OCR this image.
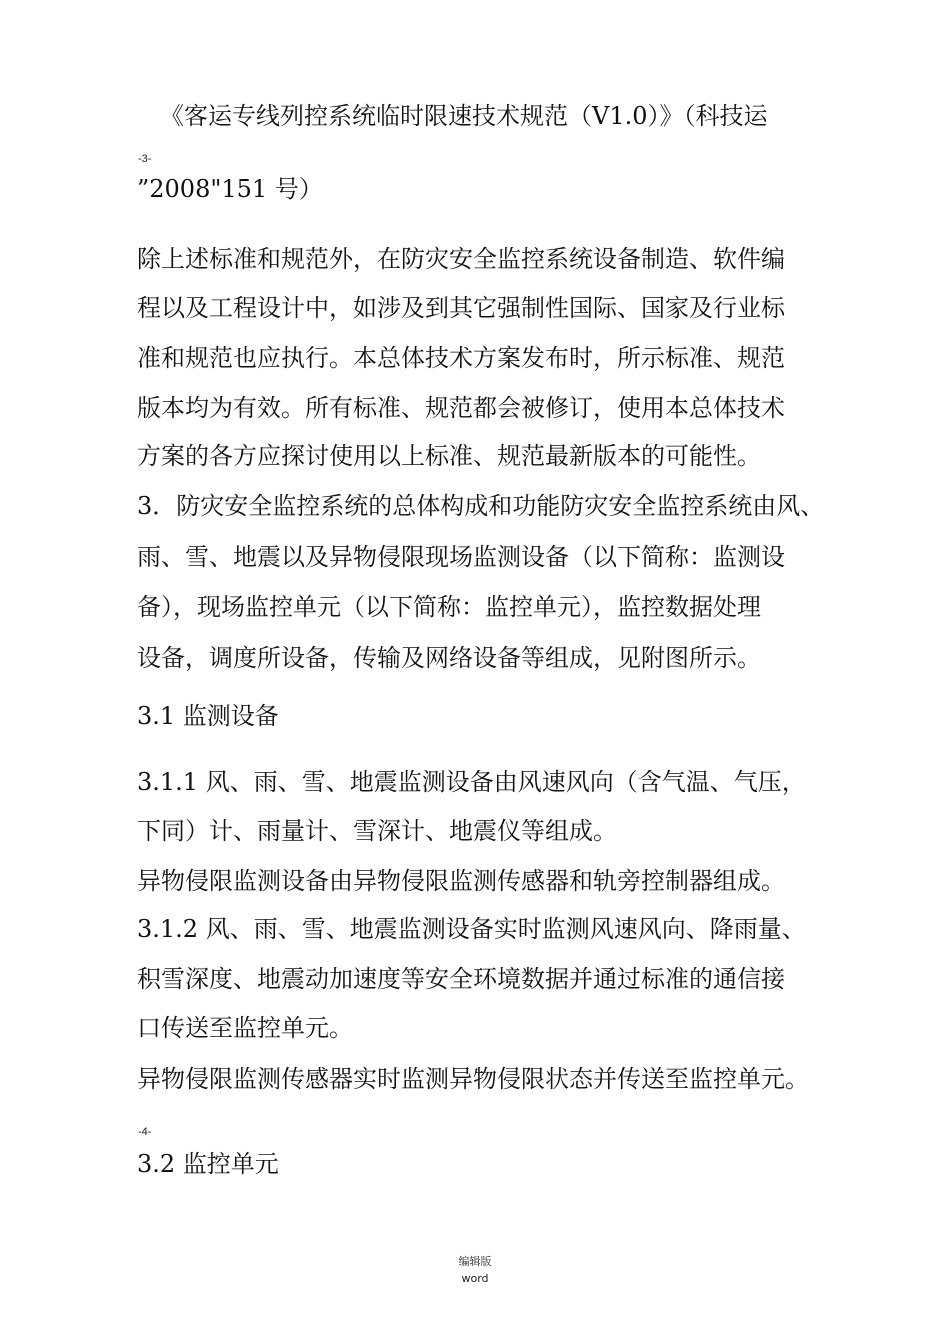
《客运专线列控系统临时限速技术规范（V1.0）》（科技运
-3-
”2008"151 号）
除上述标准和规范外，在防灾安全监控系统设备制造、软件编
程以及工程设计中，如涉及到其它强制性国际、国家及行业标
准和规范也应执行。本总体技术方案发布时，所示标准、规范
版本均为有效。所有标准、规范都会被修订，使用本总体技术
方案的各方应探讨使用以上标准、规范最新版本的可能性。
3．防灾安全监控系统的总体构成和功能防灾安全监控系统由风、
雨、雪、地震以及异物侵限现场监测设备（以下简称：监测设
备），现场监控单元（以下简称：监控单元），监控数据处理
设备，调度所设备，传输及网络设备等组成，见附图所示。
3.1 监测设备
3.1.1 风、雨、雪、地震监测设备由风速风向（含气温、气压，
下同）计、雨量计、雪深计、地震仪等组成。
异物侵限监测设备由异物侵限监测传感器和轨旁控制器组成。
3.1.2 风、雨、雪、地震监测设备实时监测风速风向、降雨量、
积雪深度、地震动加速度等安全环境数据并通过标准的通信接
口传送至监控单元。
异物侵限监测传感器实时监测异物侵限状态并传送至监控单元。
-4-
3.2 监控单元
编辑版
word
